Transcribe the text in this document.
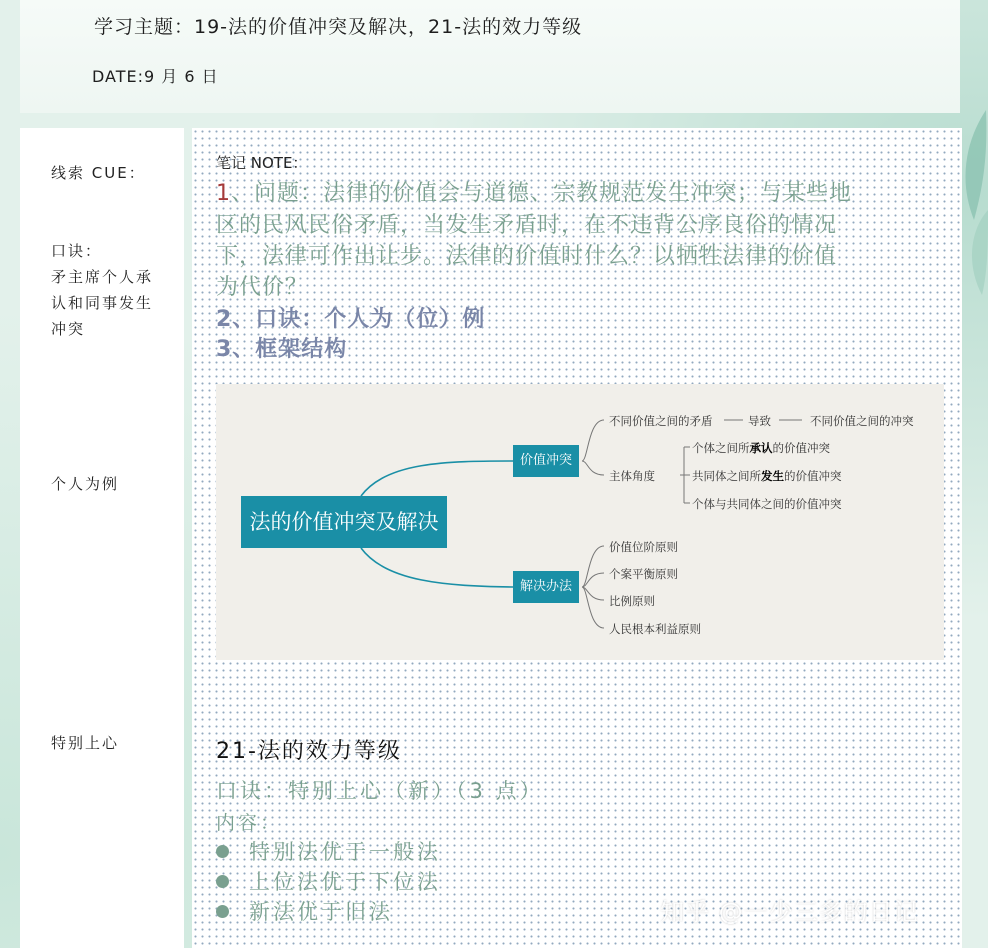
学习主题：19-法的价值冲突及解决，21-法的效力等级
DATE:9 月 6 日
线索 CUE：
口诀：
矛主席个人承
认和同事发生
冲突
个人为例
特别上心
笔记 NOTE：
1、问题：法律的价值会与道德、宗教规范发生冲突；与某些地
区的民风民俗矛盾，当发生矛盾时，在不违背公序良俗的情况
下，法律可作出让步。法律的价值时什么？以牺牲法律的价值
为代价？
2、口诀：个人为（位）例
3、框架结构
法的价值冲突及解决
价值冲突
解决办法
不同价值之间的矛盾	导致	不同价值之间的冲突
主体角度
个体之间所承认的价值冲突
共同体之间所发生的价值冲突
个体与共同体之间的价值冲突
价值位阶原则
个案平衡原则
比例原则
人民根本利益原则
21-法的效力等级
口诀：特别上心（新）（3 点）
内容：
特别法优于一般法
上位法优于下位法
新法优于旧法	知乎 @一少三多的日记
